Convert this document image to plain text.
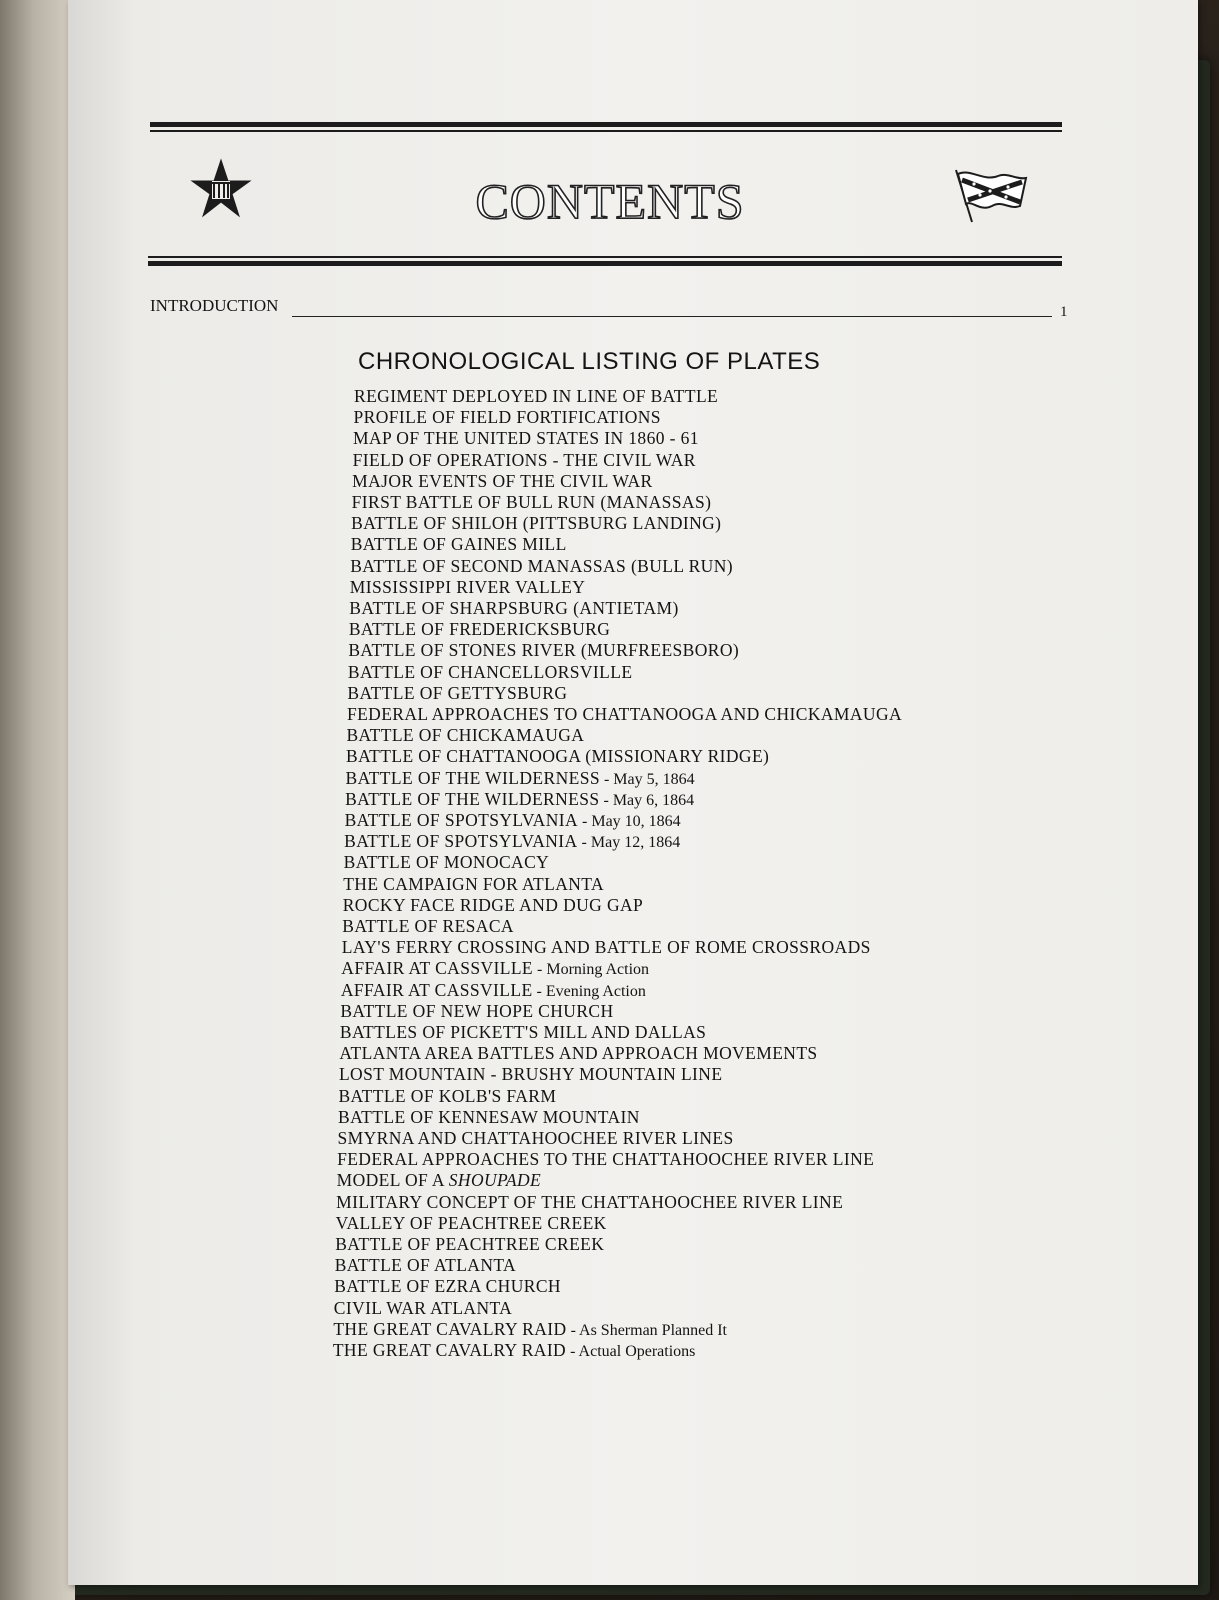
CONTENTS
INTRODUCTION	1
CHRONOLOGICAL LISTING OF PLATES
REGIMENT DEPLOYED IN LINE OF BATTLE
PROFILE OF FIELD FORTIFICATIONS
MAP OF THE UNITED STATES IN 1860 - 61
FIELD OF OPERATIONS - THE CIVIL WAR
MAJOR EVENTS OF THE CIVIL WAR
FIRST BATTLE OF BULL RUN (MANASSAS)
BATTLE OF SHILOH (PITTSBURG LANDING)
BATTLE OF GAINES MILL
BATTLE OF SECOND MANASSAS (BULL RUN)
MISSISSIPPI RIVER VALLEY
BATTLE OF SHARPSBURG (ANTIETAM)
BATTLE OF FREDERICKSBURG
BATTLE OF STONES RIVER (MURFREESBORO)
BATTLE OF CHANCELLORSVILLE
BATTLE OF GETTYSBURG
FEDERAL APPROACHES TO CHATTANOOGA AND CHICKAMAUGA
BATTLE OF CHICKAMAUGA
BATTLE OF CHATTANOOGA (MISSIONARY RIDGE)
BATTLE OF THE WILDERNESS - May 5, 1864
BATTLE OF THE WILDERNESS - May 6, 1864
BATTLE OF SPOTSYLVANIA - May 10, 1864
BATTLE OF SPOTSYLVANIA - May 12, 1864
BATTLE OF MONOCACY
THE CAMPAIGN FOR ATLANTA
ROCKY FACE RIDGE AND DUG GAP
BATTLE OF RESACA
LAY'S FERRY CROSSING AND BATTLE OF ROME CROSSROADS
AFFAIR AT CASSVILLE - Morning Action
AFFAIR AT CASSVILLE - Evening Action
BATTLE OF NEW HOPE CHURCH
BATTLES OF PICKETT'S MILL AND DALLAS
ATLANTA AREA BATTLES AND APPROACH MOVEMENTS
LOST MOUNTAIN - BRUSHY MOUNTAIN LINE
BATTLE OF KOLB'S FARM
BATTLE OF KENNESAW MOUNTAIN
SMYRNA AND CHATTAHOOCHEE RIVER LINES
FEDERAL APPROACHES TO THE CHATTAHOOCHEE RIVER LINE
MODEL OF A SHOUPADE
MILITARY CONCEPT OF THE CHATTAHOOCHEE RIVER LINE
VALLEY OF PEACHTREE CREEK
BATTLE OF PEACHTREE CREEK
BATTLE OF ATLANTA
BATTLE OF EZRA CHURCH
CIVIL WAR ATLANTA
THE GREAT CAVALRY RAID - As Sherman Planned It
THE GREAT CAVALRY RAID - Actual Operations
